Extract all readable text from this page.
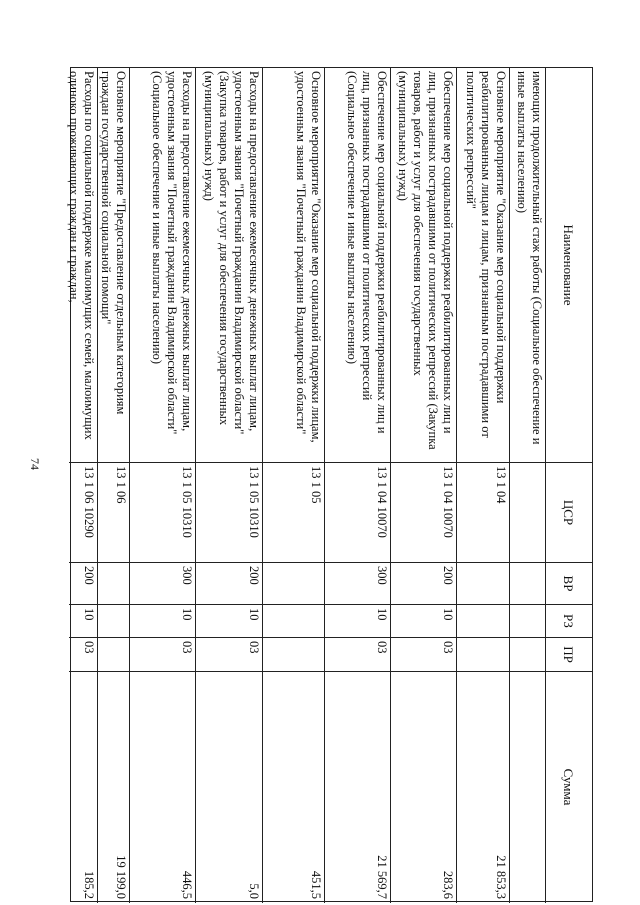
74
Наименование
ЦСР
ВР
РЗ
ПР
Сумма
имеющих продолжительный стаж работы (Социальное обеспечение и иные выплаты населению)
Основное мероприятие "Оказание мер социальной поддержки реабилитированным лицам и лицам, признанным пострадавшими от политических репрессий"
13 1 04
21 853,3
Обеспечение мер социальной поддержки реабилитированных лиц и лиц, признанных пострадавшими от политических репрессий (Закупка товаров, работ и услуг для обеспечения государственных (муниципальных) нужд)
13 1 04 10070
200
10
03
283,6
Обеспечение мер социальной поддержки реабилитированных лиц и лиц, признанных пострадавшими от политических репрессий (Социальное обеспечение и иные выплаты населению)
13 1 04 10070
300
10
03
21 569,7
Основное мероприятие "Оказание мер социальной поддержки лицам, удостоенным звания "Почетный гражданин Владимирской области"
13 1 05
451,5
Расходы на предоставление ежемесячных денежных выплат лицам, удостоенным звания "Почетный гражданин Владимирской области" (Закупка товаров, работ и услуг для обеспечения государственных (муниципальных) нужд)
13 1 05 10310
200
10
03
5,0
Расходы на предоставление ежемесячных денежных выплат лицам, удостоенным звания "Почетный гражданин Владимирской области" (Социальное обеспечение и иные выплаты населению)
13 1 05 10310
300
10
03
446,5
Основное мероприятие "Предоставление отдельным категориям граждан государственной социальной помощи"
13 1 06
19 199,0
Расходы по социальной поддержке малоимущих семей, малоимущих одиноко проживающих граждан и граждан,
13 1 06 10290
200
10
03
185,2
